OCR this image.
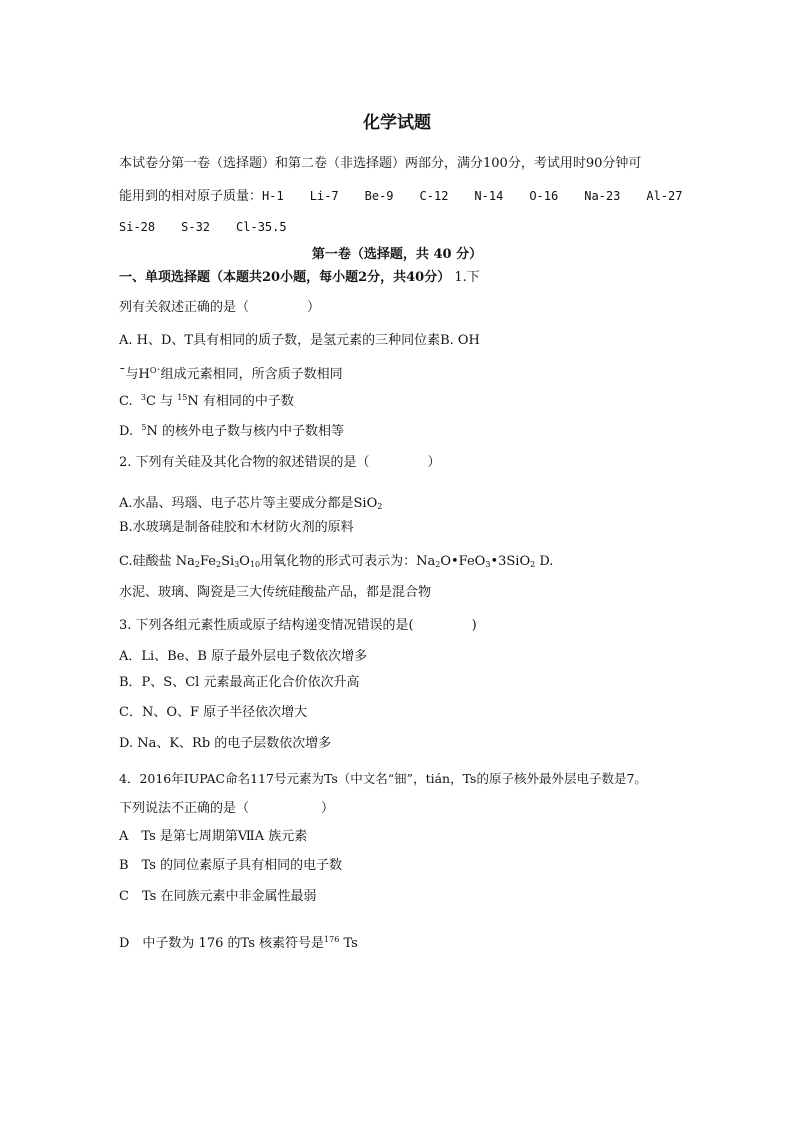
化学试题
本试卷分第一卷（选择题）和第二卷（非选择题）两部分，满分100分，考试用时90分钟可
能用到的相对原子质量：H-1 Li-7 Be-9 C-12 N-14 O-16 Na-23 Al-27
Si-28 S-32 Cl-35.5
第一卷（选择题，共 40 分）
一、单项选择题（本题共20小题，每小题2分，共40分） 1.下
列有关叙述正确的是（	）
A. H、D、T具有相同的质子数，是氢元素的三种同位素B. OH
¯与$H^{O^+}$组成元素相同，所含质子数相同
C. $^3$C 与 $^{15}$N 有相同的中子数
D. $^5$N 的核外电子数与核内中子数相等
2. 下列有关硅及其化合物的叙述错误的是（	）
A.水晶、玛瑙、电子芯片等主要成分都是SiO$_2$
B.水玻璃是制备硅胶和木材防火剂的原料
C.硅酸盐 $Na_2Fe_2Si_3O_{10}$用氧化物的形式可表示为：$Na_2O•FeO_3•3SiO_2$ D.
水泥、玻璃、陶瓷是三大传统硅酸盐产品，都是混合物
3. 下列各组元素性质或原子结构递变情况错误的是(	)
A．Li、Be、B 原子最外层电子数依次增多
B．P、S、Cl 元素最高正化合价依次升高
C．N、O、F 原子半径依次增大
D. Na、K、Rb 的电子层数依次增多
4．2016年IUPAC命名117号元素为Ts（中文名“钿”，tián，Ts的原子核外最外层电子数是7。
下列说法不正确的是（	）
A　Ts 是第七周期第ⅦA 族元素
B　Ts 的同位素原子具有相同的电子数
C　Ts 在同族元素中非金属性最弱
D　中子数为 176 的Ts 核素符号是$^{176}$ Ts
